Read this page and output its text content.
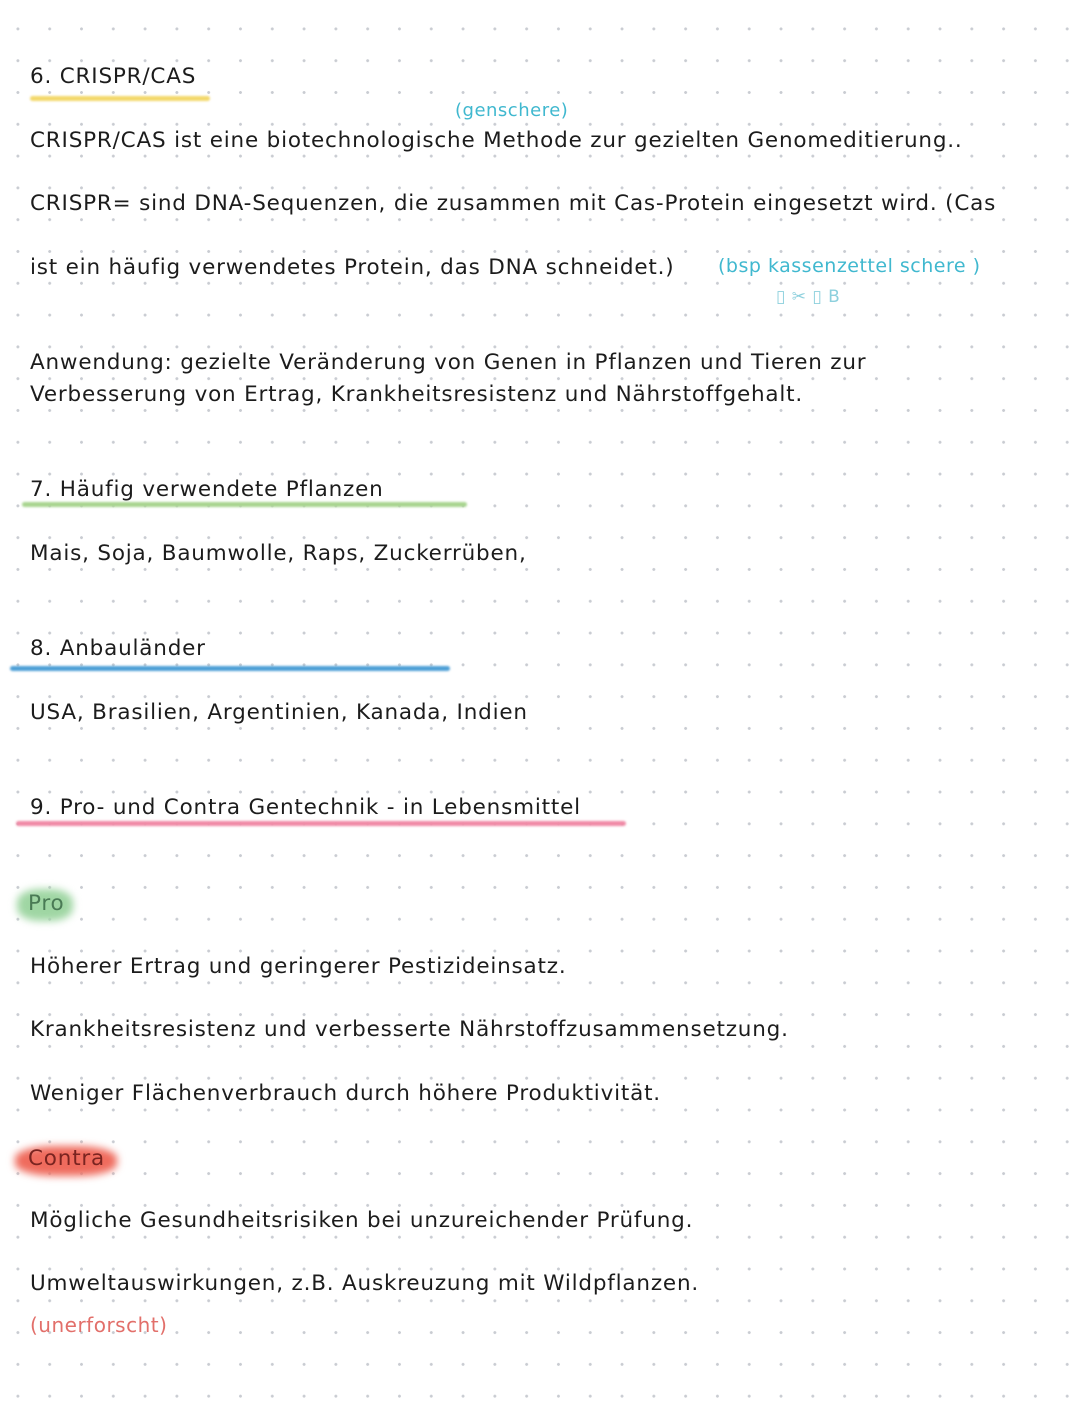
6. CRISPR/CAS
(genschere)
CRISPR/CAS ist eine biotechnologische Methode zur gezielten Genomeditierung..
CRISPR= sind DNA-Sequenzen, die zusammen mit Cas-Protein eingesetzt wird. (Cas
ist ein häufig verwendetes Protein, das DNA schneidet.) (bsp kassenzettel schere )
▯ ✂ ▯ B
Anwendung: gezielte Veränderung von Genen in Pflanzen und Tieren zur
Verbesserung von Ertrag, Krankheitsresistenz und Nährstoffgehalt.
7. Häufig verwendete Pflanzen
Mais, Soja, Baumwolle, Raps, Zuckerrüben,
8. Anbauländer
USA, Brasilien, Argentinien, Kanada, Indien
9. Pro- und Contra Gentechnik - in Lebensmittel
Pro
Höherer Ertrag und geringerer Pestizideinsatz.
Krankheitsresistenz und verbesserte Nährstoffzusammensetzung.
Weniger Flächenverbrauch durch höhere Produktivität.
Contra
Mögliche Gesundheitsrisiken bei unzureichender Prüfung.
Umweltauswirkungen, z.B. Auskreuzung mit Wildpflanzen.
(unerforscht)
